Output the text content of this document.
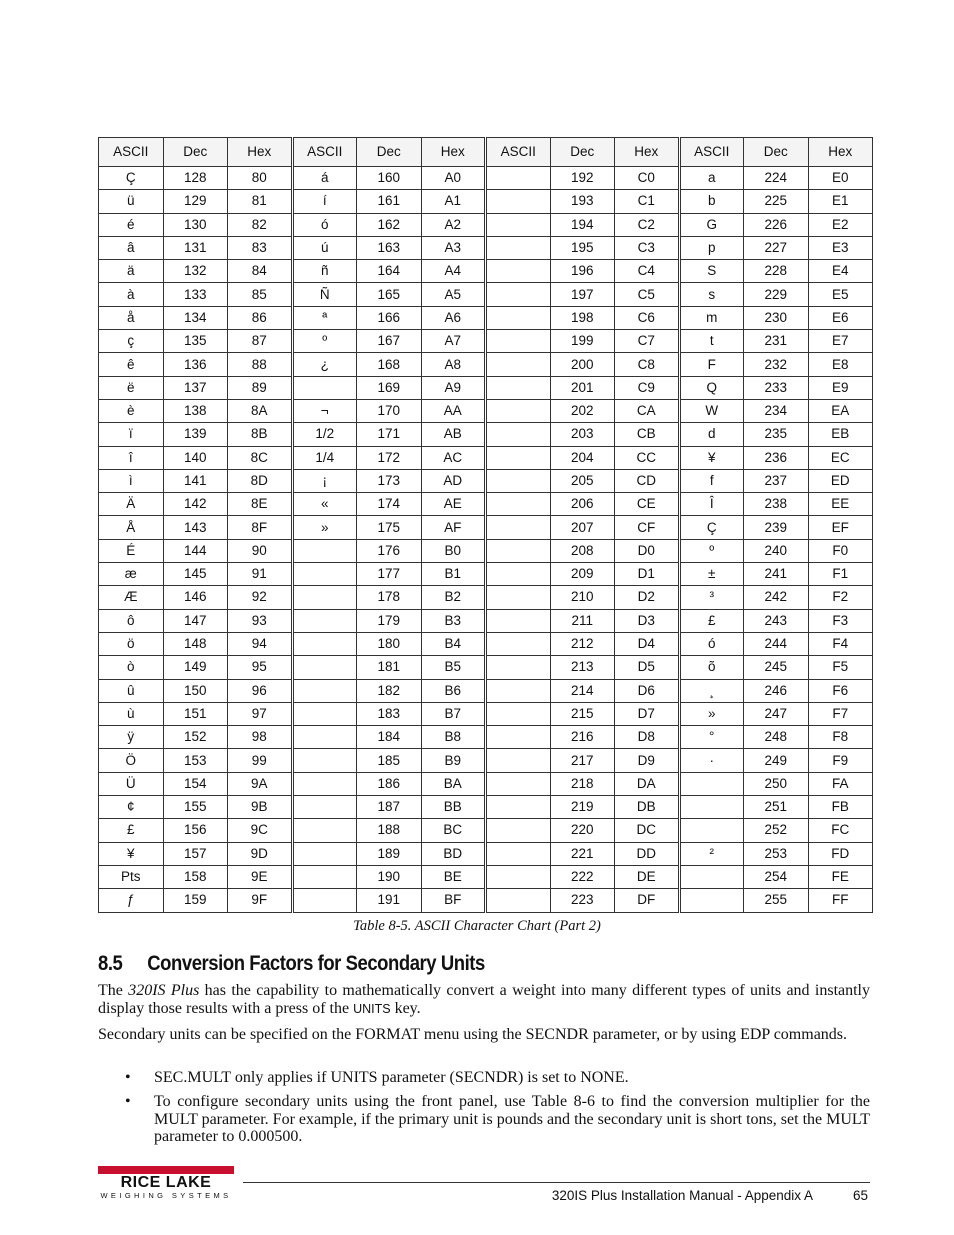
ASCII	Dec	Hex	ASCII	Dec	Hex	ASCII	Dec	Hex	ASCII	Dec	Hex
Ç	128	80	á	160	A0		192	C0	a	224	E0
ü	129	81	í	161	A1		193	C1	b	225	E1
é	130	82	ó	162	A2		194	C2	G	226	E2
â	131	83	ú	163	A3		195	C3	p	227	E3
ä	132	84	ñ	164	A4		196	C4	S	228	E4
à	133	85	Ñ	165	A5		197	C5	s	229	E5
å	134	86	ª	166	A6		198	C6	m	230	E6
ç	135	87	º	167	A7		199	C7	t	231	E7
ê	136	88	¿	168	A8		200	C8	F	232	E8
ë	137	89		169	A9		201	C9	Q	233	E9
è	138	8A	¬	170	AA		202	CA	W	234	EA
ï	139	8B	1/2	171	AB		203	CB	d	235	EB
î	140	8C	1/4	172	AC		204	CC	¥	236	EC
ì	141	8D	¡	173	AD		205	CD	f	237	ED
Ä	142	8E	«	174	AE		206	CE	Î	238	EE
Å	143	8F	»	175	AF		207	CF	Ç	239	EF
É	144	90		176	B0		208	D0	º	240	F0
æ	145	91		177	B1		209	D1	±	241	F1
Æ	146	92		178	B2		210	D2	³	242	F2
ô	147	93		179	B3		211	D3	£	243	F3
ö	148	94		180	B4		212	D4	ó	244	F4
ò	149	95		181	B5		213	D5	õ	245	F5
û	150	96		182	B6		214	D6	¸	246	F6
ù	151	97		183	B7		215	D7	»	247	F7
ÿ	152	98		184	B8		216	D8	°	248	F8
Ö	153	99		185	B9		217	D9	·	249	F9
Ü	154	9A		186	BA		218	DA		250	FA
¢	155	9B		187	BB		219	DB		251	FB
£	156	9C		188	BC		220	DC		252	FC
¥	157	9D		189	BD		221	DD	²	253	FD
Pts	158	9E		190	BE		222	DE		254	FE
ƒ	159	9F		191	BF		223	DF		255	FF
Table 8-5. ASCII Character Chart (Part 2)
8.5 Conversion Factors for Secondary Units

The 320IS Plus has the capability to mathematically convert a weight into many different types of units and instantly display those results with a press of the UNITS key.

Secondary units can be specified on the FORMAT menu using the SECNDR parameter, or by using EDP commands.

• SEC.MULT only applies if UNITS parameter (SECNDR) is set to NONE.
• To configure secondary units using the front panel, use Table 8-6 to find the conversion multiplier for the MULT parameter. For example, if the primary unit is pounds and the secondary unit is short tons, set the MULT parameter to 0.000500.
RICE LAKE
WEIGHING SYSTEMS	320IS Plus Installation Manual - Appendix A	65
